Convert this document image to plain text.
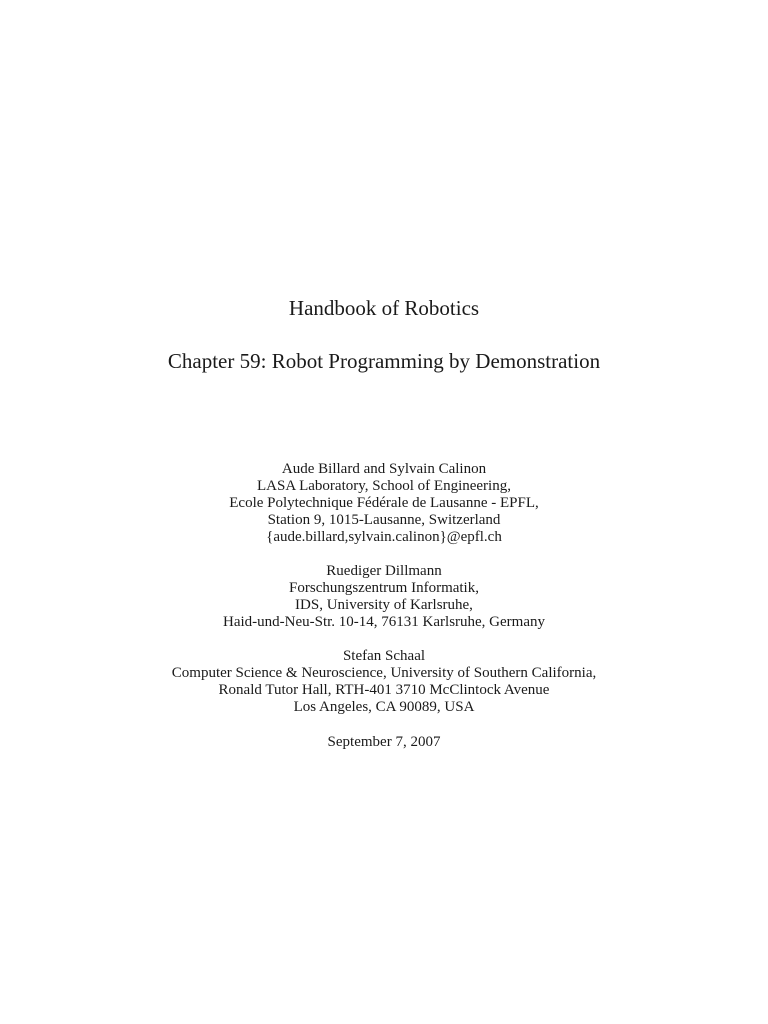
Handbook of Robotics
Chapter 59: Robot Programming by Demonstration
Aude Billard and Sylvain Calinon
LASA Laboratory, School of Engineering,
Ecole Polytechnique Fédérale de Lausanne - EPFL,
Station 9, 1015-Lausanne, Switzerland
{aude.billard,sylvain.calinon}@epfl.ch
Ruediger Dillmann
Forschungszentrum Informatik,
IDS, University of Karlsruhe,
Haid-und-Neu-Str. 10-14, 76131 Karlsruhe, Germany
Stefan Schaal
Computer Science & Neuroscience, University of Southern California,
Ronald Tutor Hall, RTH-401 3710 McClintock Avenue
Los Angeles, CA 90089, USA
September 7, 2007
